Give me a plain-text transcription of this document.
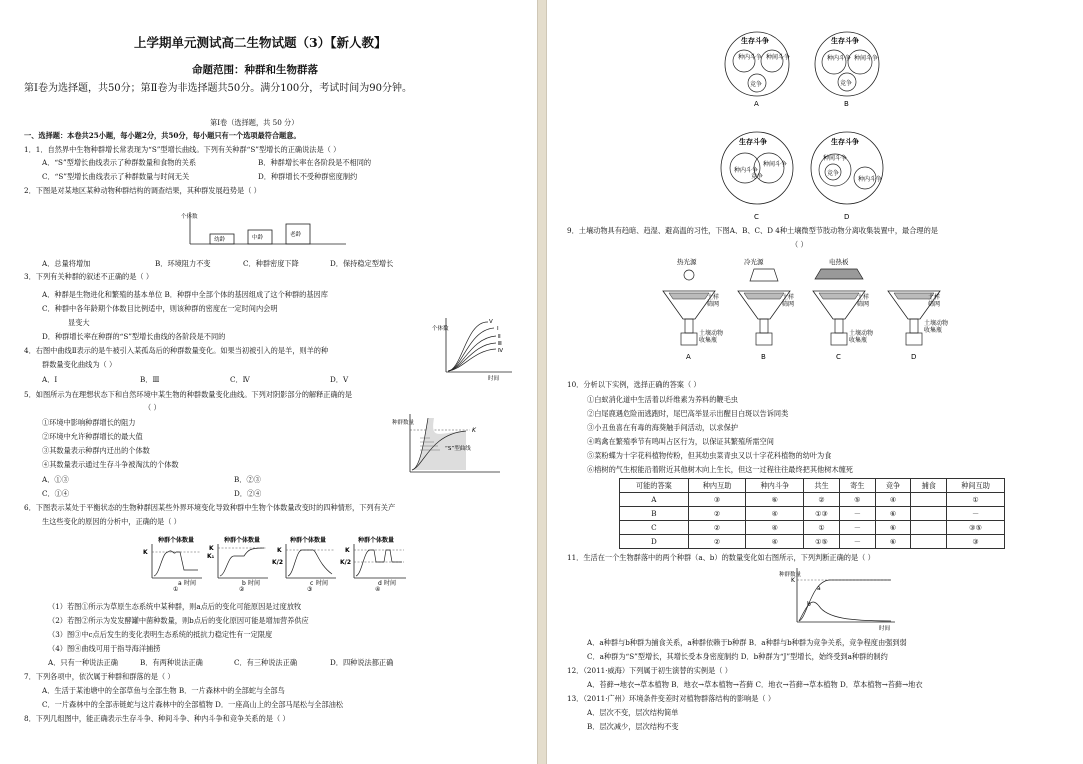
上学期单元测试高二生物试题（3）【新人教】
命题范围：种群和生物群落
第Ⅰ卷为选择题，共50分；第Ⅱ卷为非选择题共50分。满分100分，考试时间为90分钟。
第Ⅰ卷（选择题，共 50 分）
一、选择题：本卷共25小题，每小题2分，共50分，每小题只有一个选项最符合题意。
1．1．自然界中生物种群增长常表现为“S”型增长曲线。下列有关种群“S”型增长的正确说法是（ ）
A．“S”型增长曲线表示了种群数量和食物的关系	B．种群增长率在各阶段是不相同的
C．“S”型增长曲线表示了种群数量与时间无关	D．种群增长不受种群密度制约
2．下图是对某地区某种动物种群结构的调查结果，其种群发展趋势是（ ）
个体数
幼龄	中龄	老龄
A．总量将增加	B．环境阻力不变	C．种群密度下降	D．保持稳定型增长
3．下列有关种群的叙述不正确的是（ ）
A．种群是生物进化和繁殖的基本单位 B．种群中全部个体的基因组成了这个种群的基因库
C．种群中各年龄期个体数目比例适中，则该种群的密度在一定时间内会明
显变大
D．种群增长率在种群的“S”型增长曲线的各阶段是不同的
个体数
Ⅴ
Ⅰ
Ⅱ
Ⅲ
Ⅳ
时间
4．右图中曲线Ⅱ表示的是牛被引入某孤岛后的种群数量变化。如果当初被引入的是羊，则羊的种
群数量变化曲线为（ ）
A．Ⅰ	B．Ⅲ	C．Ⅳ	D．Ⅴ
5．如图所示为在理想状态下和自然环境中某生物的种群数量变化曲线。下列对阴影部分的解释正确的是
（ ）
①环境中影响种群增长的阻力
②环境中允许种群增长的最大值
③其数量表示种群内迁出的个体数
④其数量表示通过生存斗争被淘汰的个体数
种群数量
K
“S”型曲线
A．①③	B．②③
C．①④	D．②④
6．下图表示某处于平衡状态的生物种群因某些外界环境变化导致种群中生物个体数量改变时的四种情形，下列有关产
生这些变化的原因的分析中，正确的是（ ）
种群个体数量
K
a 时间
①
种群个体数量
K
K₁
b 时间
②
种群个体数量
K
K/2
c 时间
③
种群个体数量
K
K/2
d 时间
④
（1）若图①所示为草原生态系统中某种群，则a点后的变化可能原因是过度放牧
（2）若图②所示为发发酵罐中菌种数量，则b点后的变化原因可能是增加营养供应
（3）图③中c点后发生的变化表明生态系统的抵抗力稳定性有一定限度
（4）图④曲线可用于指导海洋捕捞
A．只有一种说法正确	B．有两种说法正确	C．有三种说法正确	D．四种说法都正确
7．下列各项中，依次属于种群和群落的是（ ）
A．生活于某池塘中的全部草鱼与全部生物 B．一片森林中的全部蛇与全部鸟
C．一片森林中的全部赤链蛇与这片森林中的全部植物 D．一座高山上的全部马尾松与全部油松
8．下列几组图中，能正确表示生存斗争、种间斗争、种内斗争和竞争关系的是（ ）
生存斗争
种内斗争 种间斗争
竞争
A
生存斗争
种内斗争 种间斗争
竞争
B
生存斗争
种内斗争
种间斗争
竞争
C
生存斗争
种间斗争
竞争
种内斗争
D
9．土壤动物具有趋暗、趋湿、避高温的习性，下图A、B、C、D 4种土壤微型节肢动物分离收集装置中，最合理的是
（ ）
热光源
土样
筛网
土壤动物
收集瓶
A
冷光源
土样
筛网
B
电热板
土样
筛网
土壤动物
收集瓶
C
土样
筛网
土壤动物
收集瓶
D
10．分析以下实例，选择正确的答案（ ）
①白蚁消化道中生活着以纤维素为养料的鞭毛虫
②白尾鹿遇危险而逃跑时，尾巴高举显示出醒目白斑以告诉同类
③小丑鱼喜在有毒的海葵触手间活动，以求保护
④鸣禽在繁殖季节有鸣叫占区行为，以保证其繁殖所需空间
⑤菜粉蝶为十字花科植物传粉，但其幼虫菜青虫又以十字花科植物的幼叶为食
⑥榕树的气生根能沿着附近其他树木向上生长，但这一过程往往最终把其他树木缠死
可能的答案	种内互助	种内斗争	共生	寄生	竞争	捕食	种间互助
A	③	⑥	②	⑤	④		①
B	②	④	①③	－	⑥		－
C	②	④	①	－	⑥		③⑤
D	②	④	①⑤	－	⑥		③
11．生活在一个生物群落中的两个种群（a、b）的数量变化如右图所示，下列判断正确的是（ ）
种群数量
K
a
b
时间
A．a种群与b种群为捕食关系，a种群依赖于b种群 B．a种群与b种群为竞争关系，竞争程度由强到弱
C．a种群为“S”型增长，其增长受本身密度制约 D．b种群为“J”型增长，始终受到a种群的制约
12．（2011·威海）下列属于初生演替的实例是（ ）
A．苔藓→地衣→草本植物 B．地衣→草本植物→苔藓 C．地衣→苔藓→草本植物 D．草本植物→苔藓→地衣
13．（2011·广州）环境条件变差时对植物群落结构的影响是（ ）
A．层次不变，层次结构简单
B．层次减少，层次结构不变
